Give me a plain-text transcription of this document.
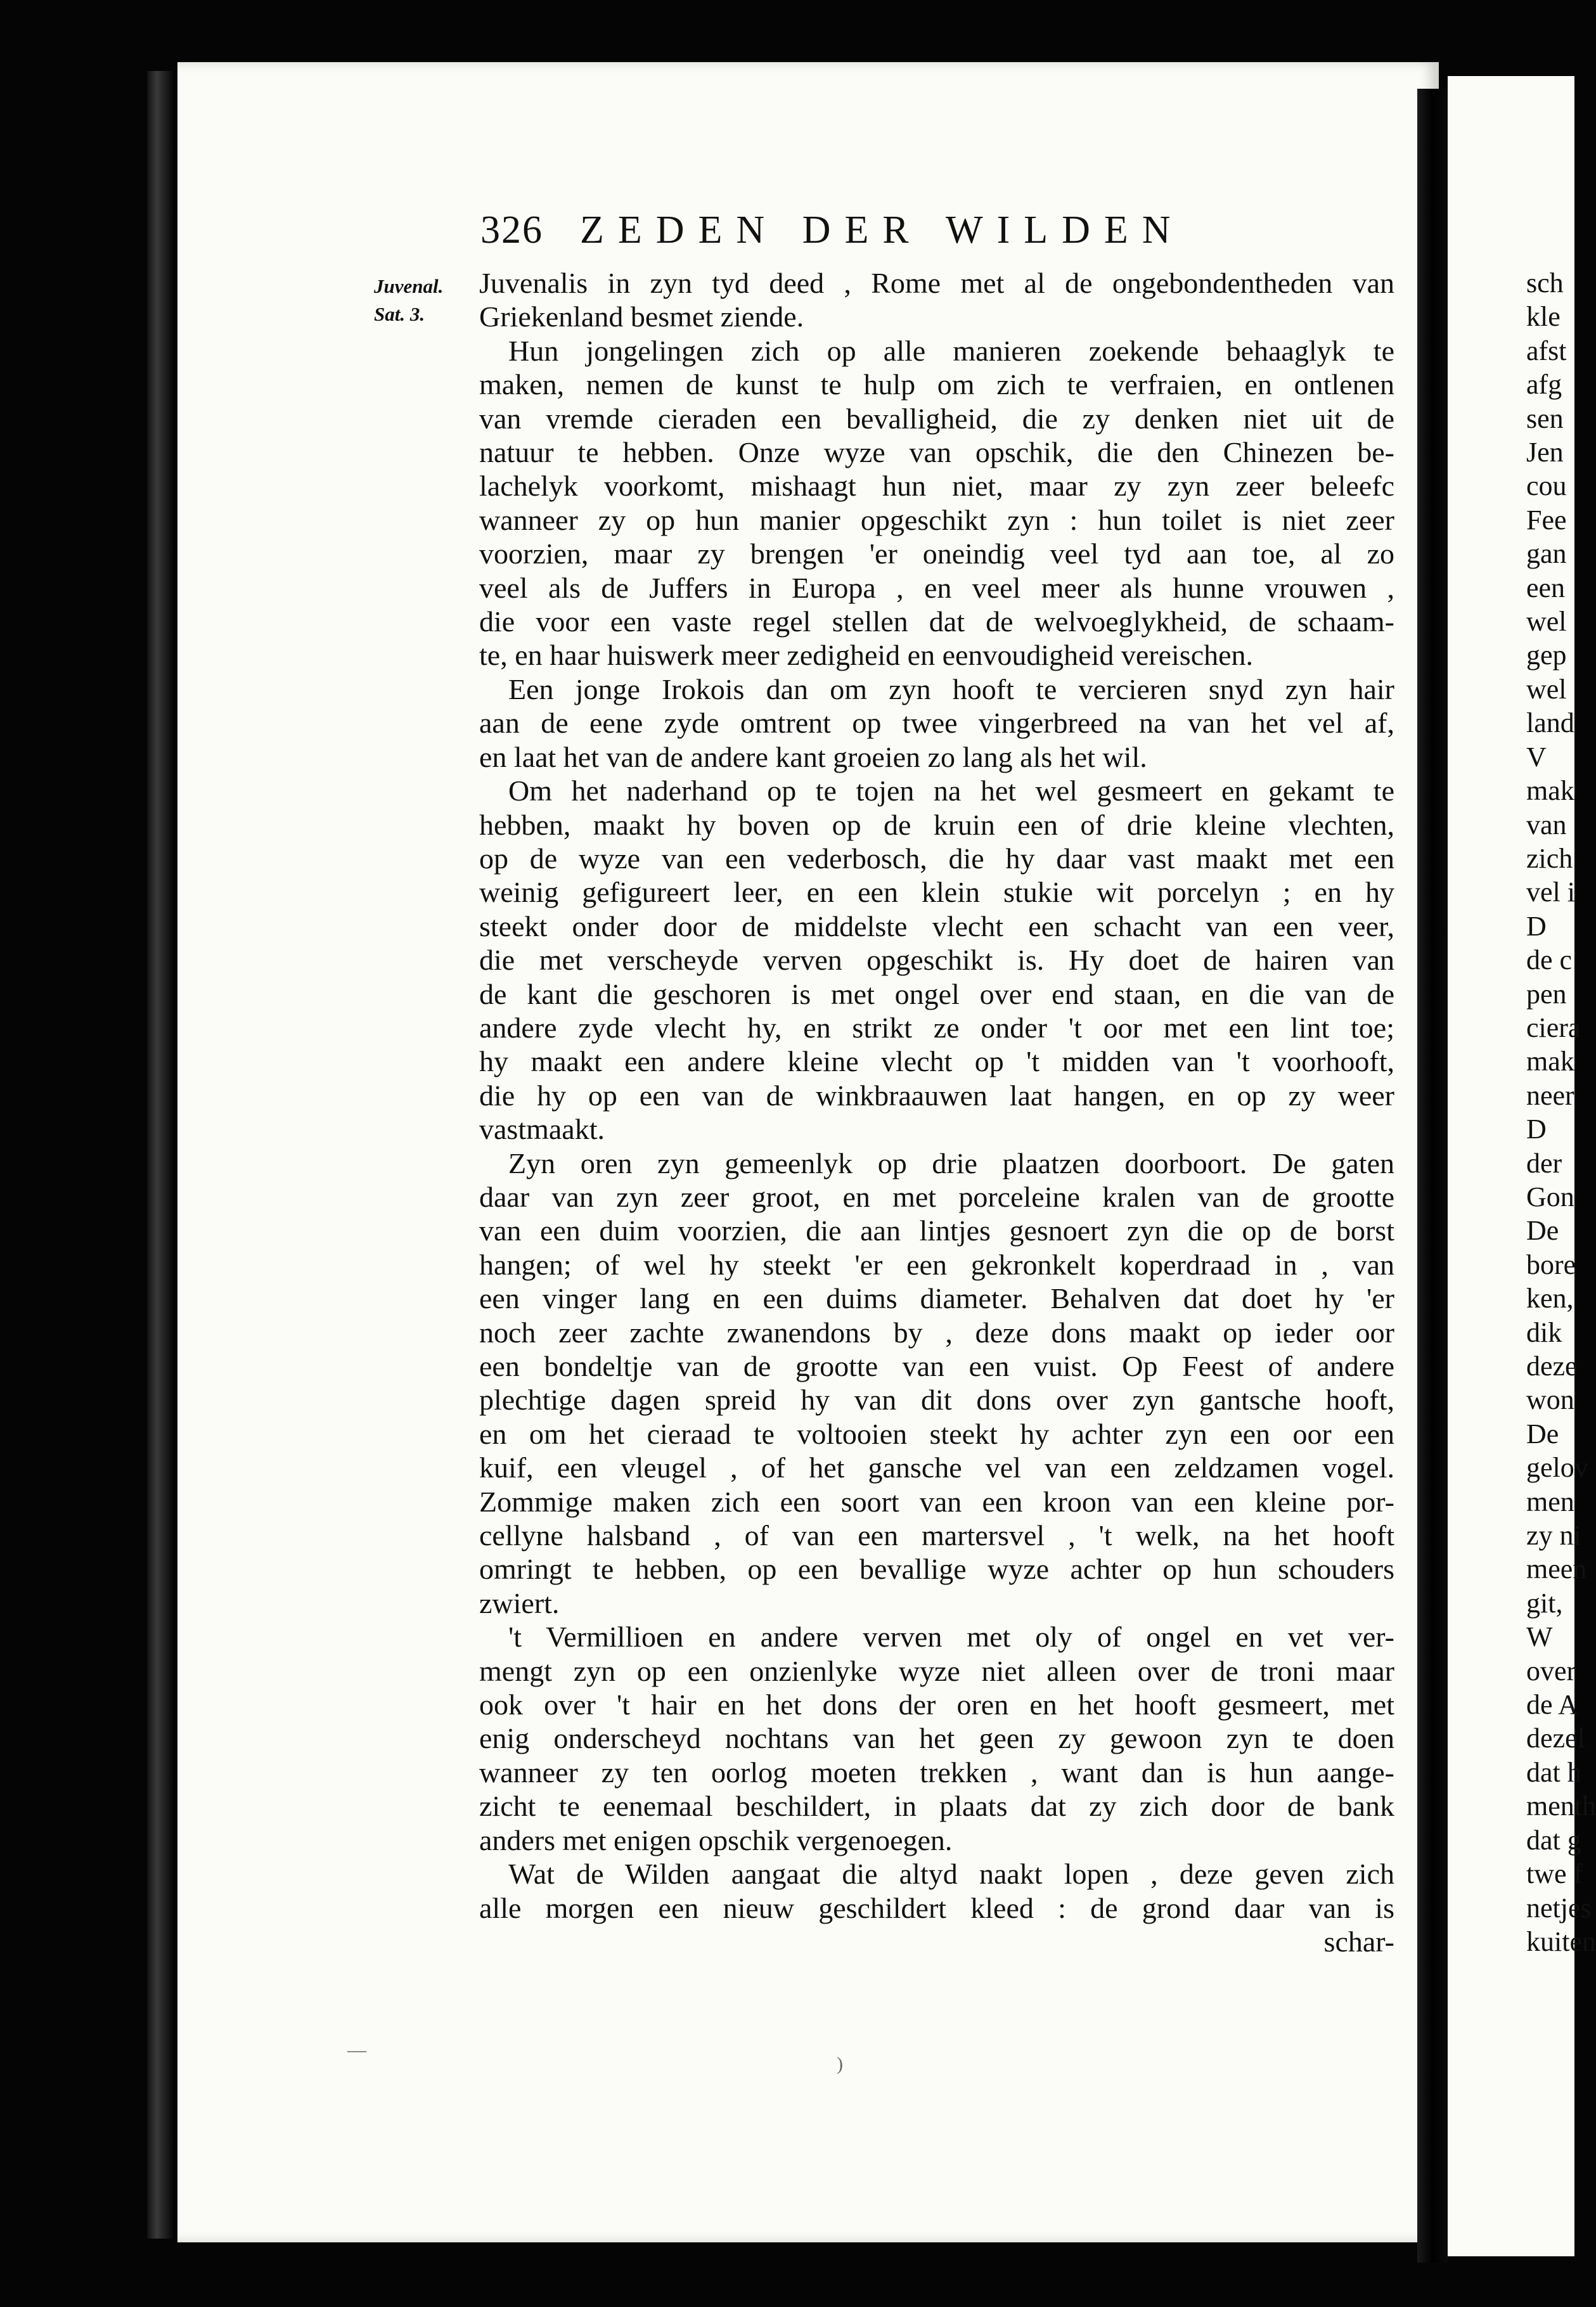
326 ZEDEN DER WILDEN
Juvenal.
Sat. 3.
Juvenalis in zyn tyd deed , Rome met al de ongebondentheden van
Griekenland besmet ziende.
Hun jongelingen zich op alle manieren zoekende behaaglyk te
maken, nemen de kunst te hulp om zich te verfraien, en ontlenen
van vremde cieraden een bevalligheid, die zy denken niet uit de
natuur te hebben. Onze wyze van opschik, die den Chinezen be-
lachelyk voorkomt, mishaagt hun niet, maar zy zyn zeer beleefc
wanneer zy op hun manier opgeschikt zyn : hun toilet is niet zeer
voorzien, maar zy brengen 'er oneindig veel tyd aan toe, al zo
veel als de Juffers in Europa , en veel meer als hunne vrouwen ,
die voor een vaste regel stellen dat de welvoeglykheid, de schaam-
te, en haar huiswerk meer zedigheid en eenvoudigheid vereischen.
Een jonge Irokois dan om zyn hooft te vercieren snyd zyn hair
aan de eene zyde omtrent op twee vingerbreed na van het vel af,
en laat het van de andere kant groeien zo lang als het wil.
Om het naderhand op te tojen na het wel gesmeert en gekamt te
hebben, maakt hy boven op de kruin een of drie kleine vlechten,
op de wyze van een vederbosch, die hy daar vast maakt met een
weinig gefigureert leer, en een klein stukie wit porcelyn ; en hy
steekt onder door de middelste vlecht een schacht van een veer,
die met verscheyde verven opgeschikt is. Hy doet de hairen van
de kant die geschoren is met ongel over end staan, en die van de
andere zyde vlecht hy, en strikt ze onder 't oor met een lint toe;
hy maakt een andere kleine vlecht op 't midden van 't voorhooft,
die hy op een van de winkbraauwen laat hangen, en op zy weer
vastmaakt.
Zyn oren zyn gemeenlyk op drie plaatzen doorboort. De gaten
daar van zyn zeer groot, en met porceleine kralen van de grootte
van een duim voorzien, die aan lintjes gesnoert zyn die op de borst
hangen; of wel hy steekt 'er een gekronkelt koperdraad in , van
een vinger lang en een duims diameter. Behalven dat doet hy 'er
noch zeer zachte zwanendons by , deze dons maakt op ieder oor
een bondeltje van de grootte van een vuist. Op Feest of andere
plechtige dagen spreid hy van dit dons over zyn gantsche hooft,
en om het cieraad te voltooien steekt hy achter zyn een oor een
kuif, een vleugel , of het gansche vel van een zeldzamen vogel.
Zommige maken zich een soort van een kroon van een kleine por-
cellyne halsband , of van een martersvel , 't welk, na het hooft
omringt te hebben, op een bevallige wyze achter op hun schouders
zwiert.
't Vermillioen en andere verven met oly of ongel en vet ver-
mengt zyn op een onzienlyke wyze niet alleen over de troni maar
ook over 't hair en het dons der oren en het hooft gesmeert, met
enig onderscheyd nochtans van het geen zy gewoon zyn te doen
wanneer zy ten oorlog moeten trekken , want dan is hun aange-
zicht te eenemaal beschildert, in plaats dat zy zich door de bank
anders met enigen opschik vergenoegen.
Wat de Wilden aangaat die altyd naakt lopen , deze geven zich
alle morgen een nieuw geschildert kleed : de grond daar van is
schar-
sch
kle
afst
afg
sen
Jen
cou
Fee
gan
een
wel
gep
wel
land
V
mak
van
zich
vel i
D
de c
pen
ciera
mak
neer
D
der
Gon
De
bore
ken,
dik
deze
won
De
gelov
men
zy ni
meen
git,
W
over
de A
dezel
dat h
menth
dat g
twe f
netjes
kuiten
—
)
